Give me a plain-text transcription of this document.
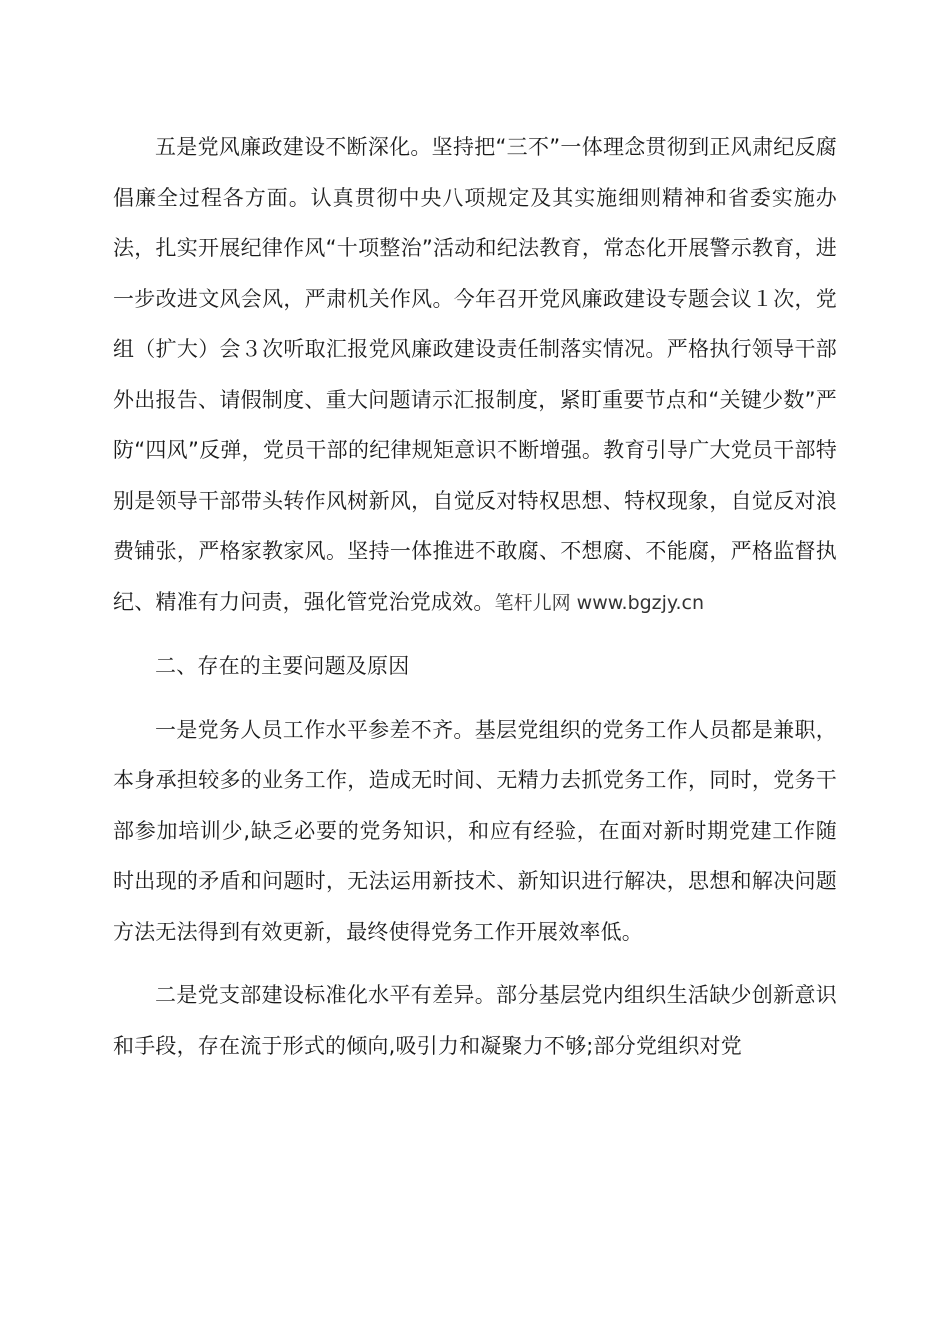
五是党风廉政建设不断深化。坚持把“三不”一体理念贯彻到正风肃纪反腐倡廉全过程各方面。认真贯彻中央八项规定及其实施细则精神和省委实施办法，扎实开展纪律作风“十项整治”活动和纪法教育，常态化开展警示教育，进一步改进文风会风，严肃机关作风。今年召开党风廉政建设专题会议１次，党组（扩大）会３次听取汇报党风廉政建设责任制落实情况。严格执行领导干部外出报告、请假制度、重大问题请示汇报制度，紧盯重要节点和“关键少数”严防“四风”反弹，党员干部的纪律规矩意识不断增强。教育引导广大党员干部特别是领导干部带头转作风树新风，自觉反对特权思想、特权现象，自觉反对浪费铺张，严格家教家风。坚持一体推进不敢腐、不想腐、不能腐，严格监督执纪、精准有力问责，强化管党治党成效。笔杆儿网 www.bgzjy.cn

二、存在的主要问题及原因

一是党务人员工作水平参差不齐。基层党组织的党务工作人员都是兼职，本身承担较多的业务工作，造成无时间、无精力去抓党务工作，同时，党务干部参加培训少,缺乏必要的党务知识，和应有经验，在面对新时期党建工作随时出现的矛盾和问题时，无法运用新技术、新知识进行解决，思想和解决问题方法无法得到有效更新，最终使得党务工作开展效率低。

二是党支部建设标准化水平有差异。部分基层党内组织生活缺少创新意识和手段，存在流于形式的倾向,吸引力和凝聚力不够;部分党组织对党
